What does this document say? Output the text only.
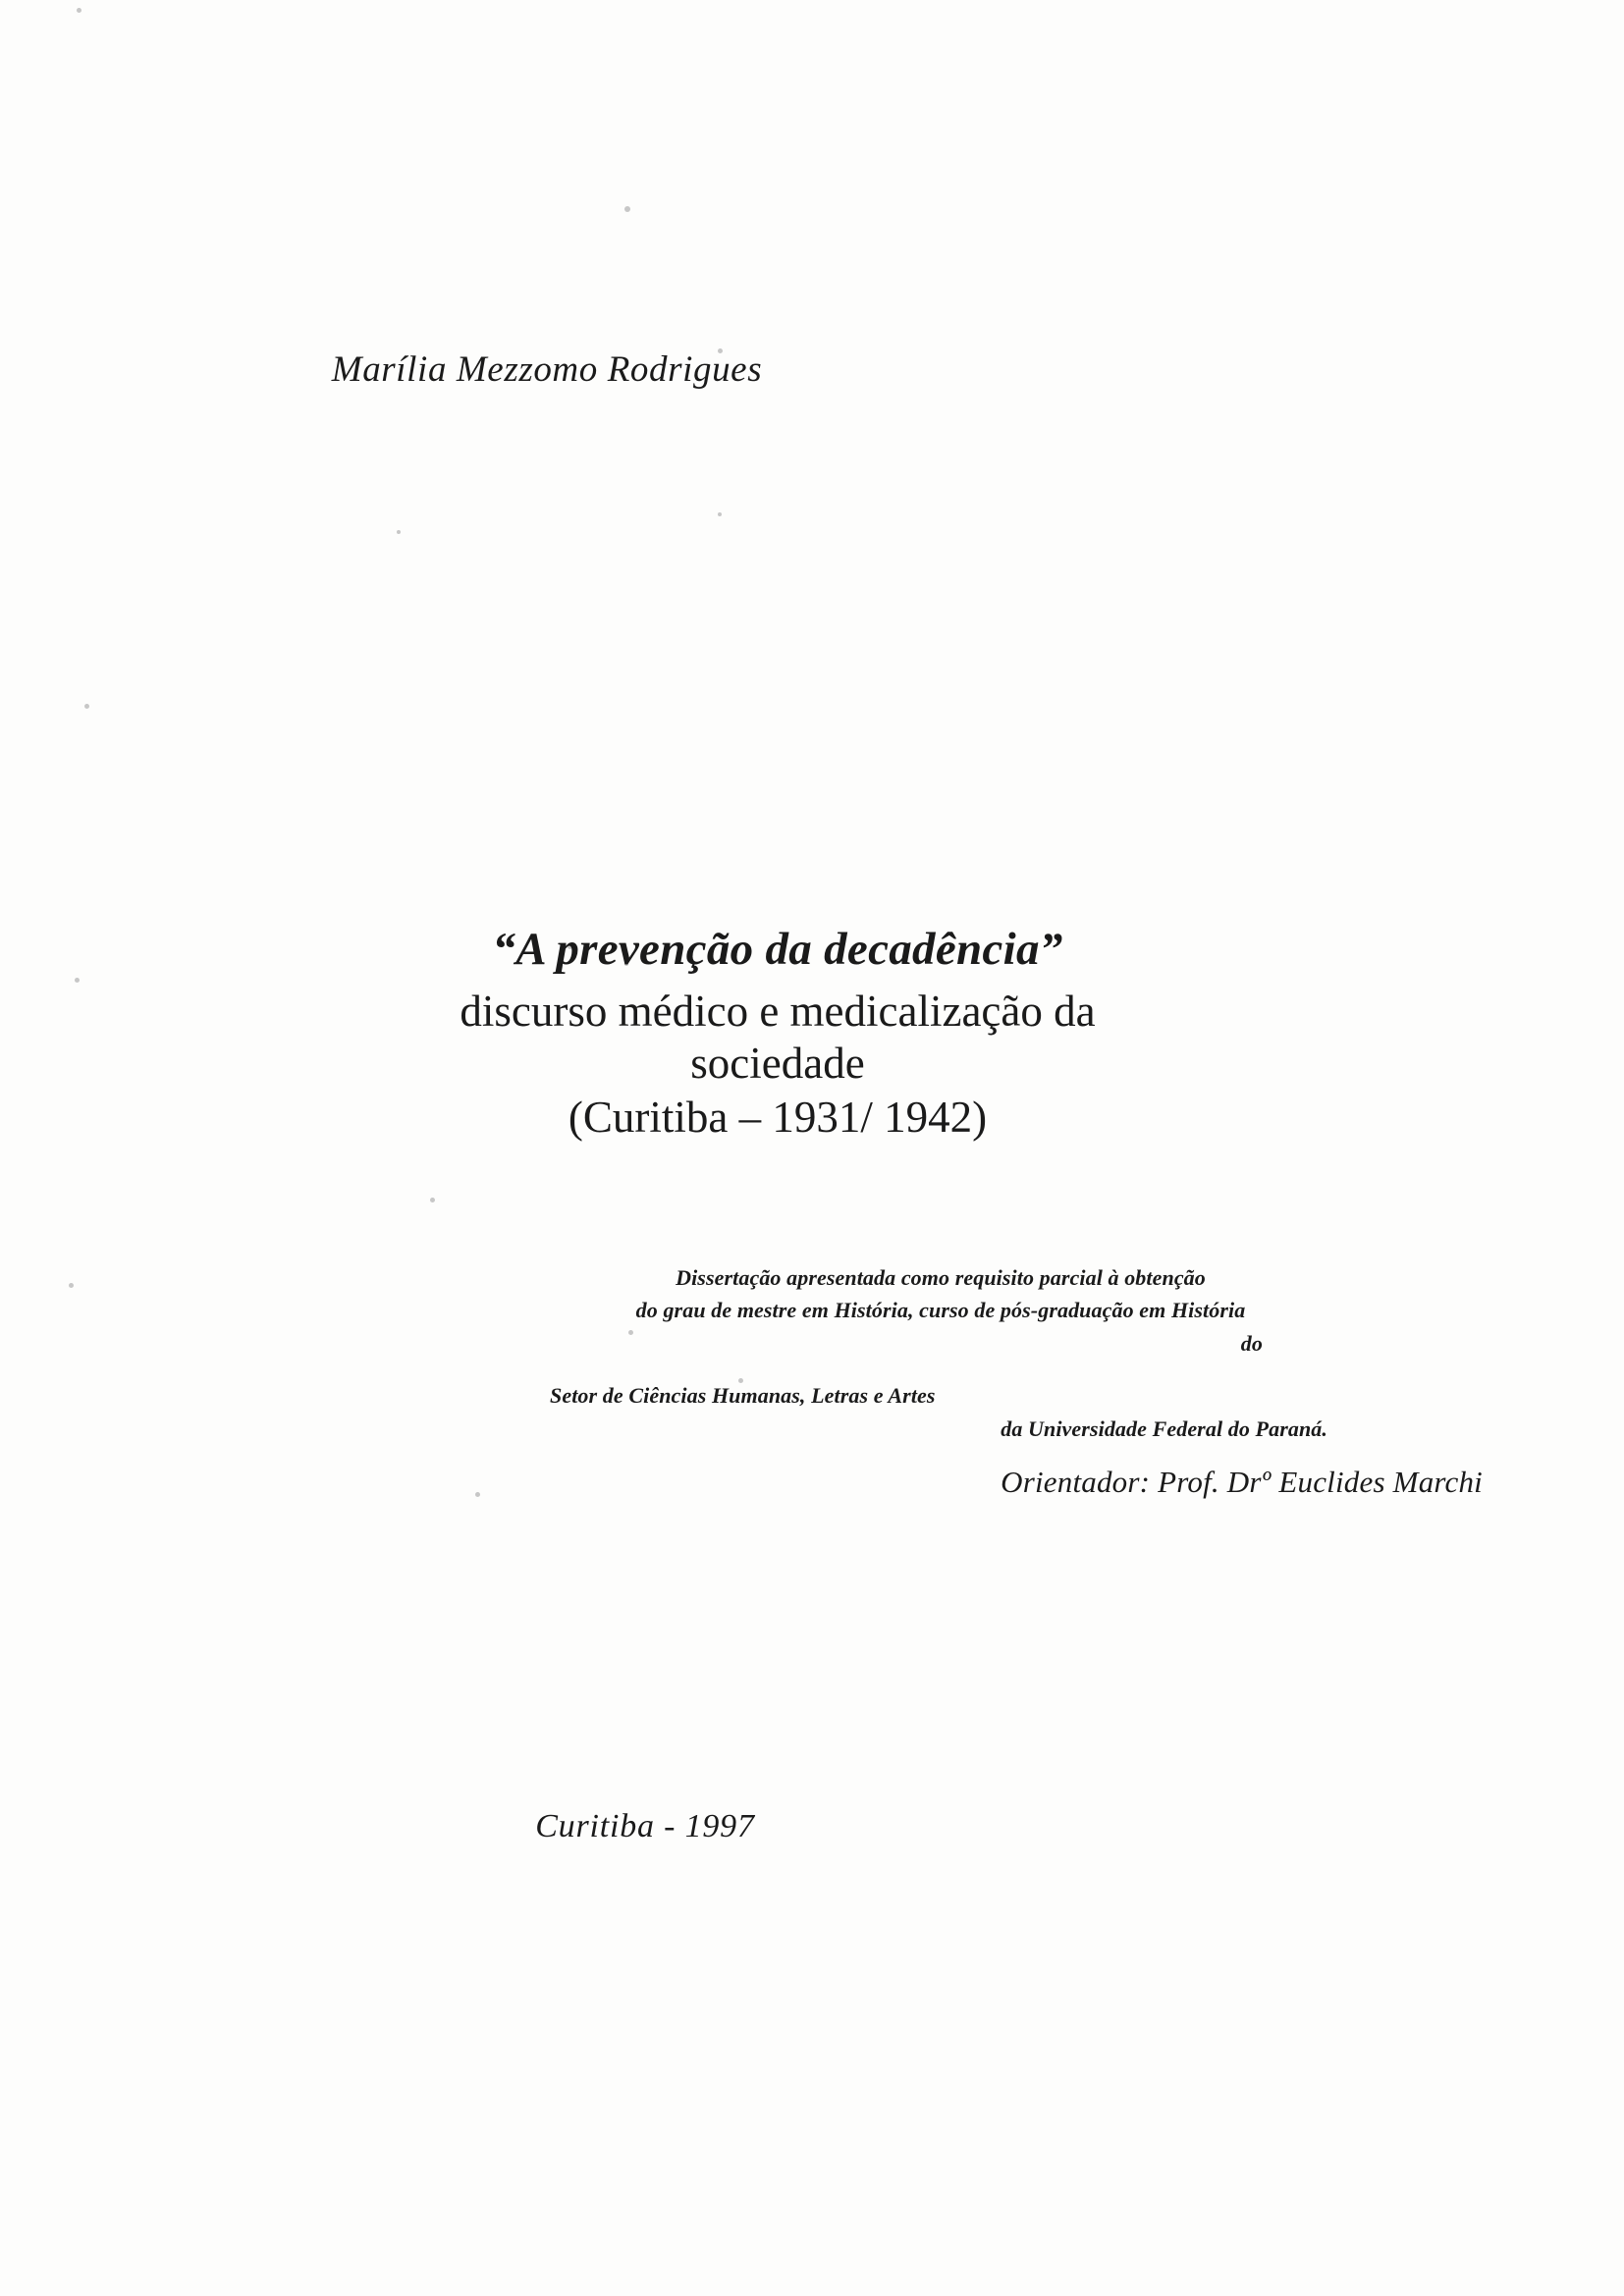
Marília Mezzomo Rodrigues
“A prevenção da decadência”
discurso médico e medicalização da
sociedade
(Curitiba – 1931/ 1942)
Dissertação apresentada como requisito parcial à obtenção
do grau de mestre em História, curso de pós-graduação em História
do
Setor de Ciências Humanas, Letras e Artes
da Universidade Federal do Paraná.
Orientador: Prof. Drº Euclides Marchi
Curitiba - 1997
